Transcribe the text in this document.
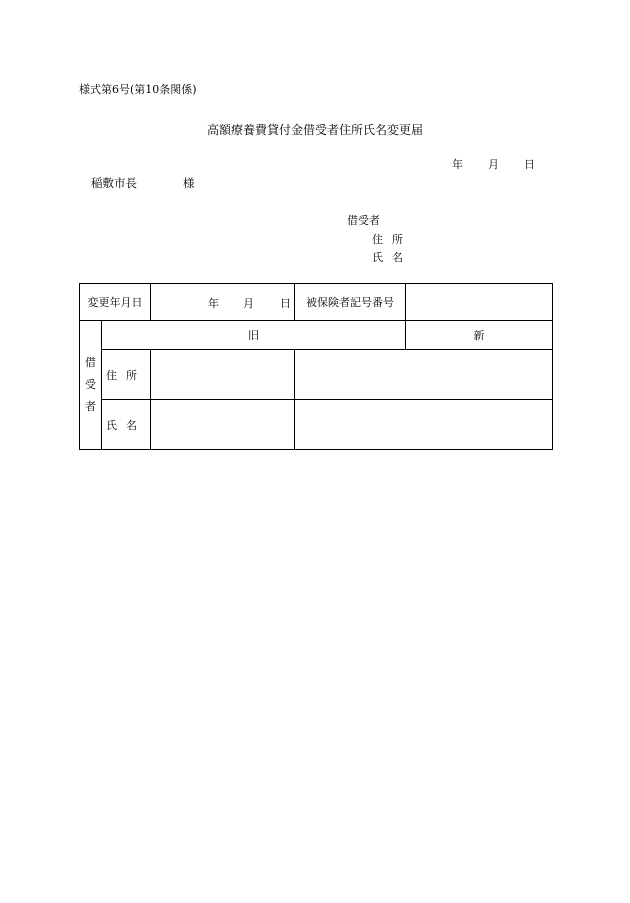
様式第6号(第10条関係)
高額療養費貸付金借受者住所氏名変更届
年 月 日
稲敷市長	様
借受者
住所
氏名
変更年月日		年 月 日	被保険者記号番号	

借
受
者	旧			新
	住所			
	氏名			
